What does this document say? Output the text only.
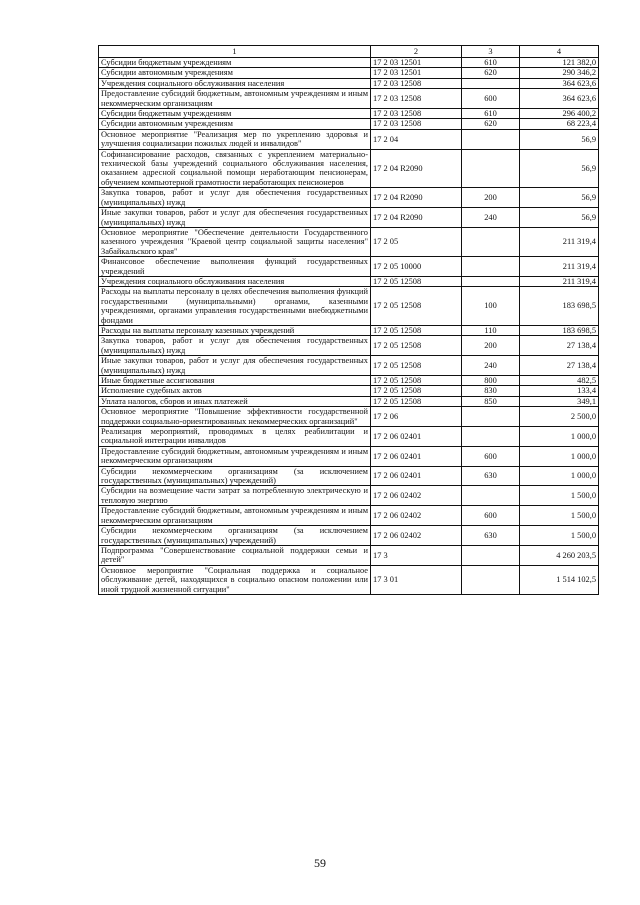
1	2	3	4
Субсидии бюджетным учреждениям	17 2 03 12501	610	121 382,0
Субсидии автономным учреждениям	17 2 03 12501	620	290 346,2
Учреждения социального обслуживания населения	17 2 03 12508		364 623,6
Предоставление субсидий бюджетным, автономным учреждениям и иным некоммерческим организациям	17 2 03 12508	600	364 623,6
Субсидии бюджетным учреждениям	17 2 03 12508	610	296 400,2
Субсидии автономным учреждениям	17 2 03 12508	620	68 223,4
Основное мероприятие "Реализация мер по укреплению здоровья и улучшения социализации пожилых людей и инвалидов"	17 2 04		56,9
Софинансирование расходов, связанных с укреплением материально-технической базы учреждений социального обслуживания населения, оказанием адресной социальной помощи неработающим пенсионерам, обучением компьютерной грамотности неработающих пенсионеров	17 2 04 R2090		56,9
Закупка товаров, работ и услуг для обеспечения государственных (муниципальных) нужд	17 2 04 R2090	200	56,9
Иные закупки товаров, работ и услуг для обеспечения государственных (муниципальных) нужд	17 2 04 R2090	240	56,9
Основное мероприятие "Обеспечение деятельности Государственного казенного учреждения "Краевой центр социальной защиты населения" Забайкальского края"	17 2 05		211 319,4
Финансовое обеспечение выполнения функций государственных учреждений	17 2 05 10000		211 319,4
Учреждения социального обслуживания населения	17 2 05 12508		211 319,4
Расходы на выплаты персоналу в целях обеспечения выполнения функций государственными (муниципальными) органами, казенными учреждениями, органами управления государственными внебюджетными фондами	17 2 05 12508	100	183 698,5
Расходы на выплаты персоналу казенных учреждений	17 2 05 12508	110	183 698,5
Закупка товаров, работ и услуг для обеспечения государственных (муниципальных) нужд	17 2 05 12508	200	27 138,4
Иные закупки товаров, работ и услуг для обеспечения государственных (муниципальных) нужд	17 2 05 12508	240	27 138,4
Иные бюджетные ассигнования	17 2 05 12508	800	482,5
Исполнение судебных актов	17 2 05 12508	830	133,4
Уплата налогов, сборов и иных платежей	17 2 05 12508	850	349,1
Основное мероприятие "Повышение эффективности государственной поддержки социально-ориентированных некоммерческих организаций"	17 2 06		2 500,0
Реализация мероприятий, проводимых в целях реабилитации и социальной интеграции инвалидов	17 2 06 02401		1 000,0
Предоставление субсидий бюджетным, автономным учреждениям и иным некоммерческим организациям	17 2 06 02401	600	1 000,0
Субсидии некоммерческим организациям (за исключением государственных (муниципальных) учреждений)	17 2 06 02401	630	1 000,0
Субсидии на возмещение части затрат за потребленную электрическую и тепловую энергию	17 2 06 02402		1 500,0
Предоставление субсидий бюджетным, автономным учреждениям и иным некоммерческим организациям	17 2 06 02402	600	1 500,0
Субсидии некоммерческим организациям (за исключением государственных (муниципальных) учреждений)	17 2 06 02402	630	1 500,0
Подпрограмма "Совершенствование социальной поддержки семьи и детей"	17 3		4 260 203,5
Основное мероприятие "Социальная поддержка и социальное обслуживание детей, находящихся в социально опасном положении или иной трудной жизненной ситуации"	17 3 01		1 514 102,5
59
